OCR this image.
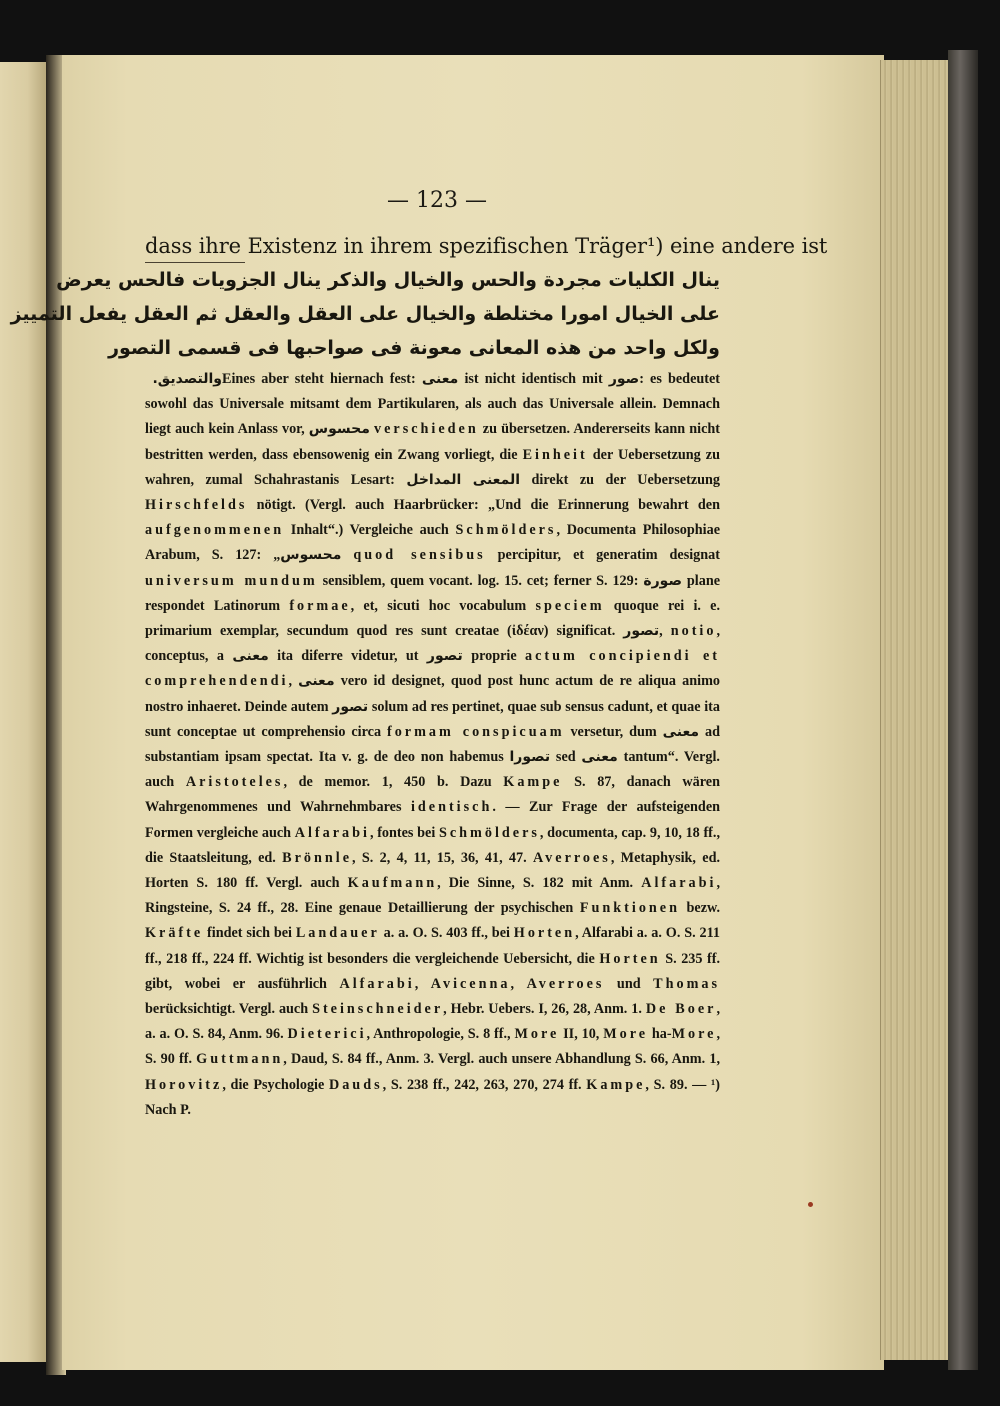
— 123 —
dass ihre Existenz in ihrem spezifischen Träger¹) eine andere ist
ينال الكليات مجردة والحس والخيال والذكر ينال الجزويات فالحس يعرض
على الخيال امورا مختلطة والخيال على العقل والعقل ثم العقل يفعل التمييز
ولكل واحد من هذه المعانى معونة فى صواحبها فى قسمى التصور
والتصديق. Eines aber steht hiernach fest: معنى ist nicht identisch mit صور: es bedeutet sowohl das Universale mitsamt dem Partikularen, als auch das Universale allein. Demnach liegt auch kein Anlass vor, محسوس verschieden zu übersetzen. Andererseits kann nicht bestritten werden, dass ebensowenig ein Zwang vorliegt, die Einheit der Uebersetzung zu wahren, zumal Schahrastanis Lesart: المداخل المعنى direkt zu der Uebersetzung Hirschfelds nötigt. (Vergl. auch Haarbrücker: „Und die Erinnerung bewahrt den aufgenommenen Inhalt“.) Vergleiche auch Schmölders, Documenta Philosophiae Arabum, S. 127: „محسوس quod sensibus percipitur, et generatim designat universum mundum sensiblem, quem vocant. log. 15. cet; ferner S. 129: صورة plane respondet Latinorum formae, et, sicuti hoc vocabulum speciem quoque rei i. e. primarium exemplar, secundum quod res sunt creatae (ἰδέαν) significat. تصور, notio, conceptus, a معنى ita diferre videtur, ut تصور proprie actum concipiendi et comprehendendi, معنى vero id designet, quod post hunc actum de re aliqua animo nostro inhaeret. Deinde autem تصور solum ad res pertinet, quae sub sensus cadunt, et quae ita sunt conceptae ut comprehensio circa formam conspicuam versetur, dum معنى ad substantiam ipsam spectat. Ita v. g. de deo non habemus تصورا sed معنى tantum“. Vergl. auch Aristoteles, de memor. 1, 450 b. Dazu Kampe S. 87, danach wären Wahrgenommenes und Wahrnehmbares identisch. — Zur Frage der aufsteigenden Formen vergleiche auch Alfarabi, fontes bei Schmölders, documenta, cap. 9, 10, 18 ff., die Staatsleitung, ed. Brönnle, S. 2, 4, 11, 15, 36, 41, 47. Averroes, Metaphysik, ed. Horten S. 180 ff. Vergl. auch Kaufmann, Die Sinne, S. 182 mit Anm. Alfarabi, Ringsteine, S. 24 ff., 28. Eine genaue Detaillierung der psychischen Funktionen bezw. Kräfte findet sich bei Landauer a. a. O. S. 403 ff., bei Horten, Alfarabi a. a. O. S. 211 ff., 218 ff., 224 ff. Wichtig ist besonders die vergleichende Uebersicht, die Horten S. 235 ff. gibt, wobei er ausführlich Alfarabi, Avicenna, Averroes und Thomas berücksichtigt. Vergl. auch Steinschneider, Hebr. Uebers. I, 26, 28, Anm. 1. De Boer, a. a. O. S. 84, Anm. 96. Dieterici, Anthropologie, S. 8 ff., More II, 10, More ha-More, S. 90 ff. Guttmann, Daud, S. 84 ff., Anm. 3. Vergl. auch unsere Abhandlung S. 66, Anm. 1, Horovitz, die Psychologie Dauds, S. 238 ff., 242, 263, 270, 274 ff. Kampe, S. 89. — ¹) Nach P.
